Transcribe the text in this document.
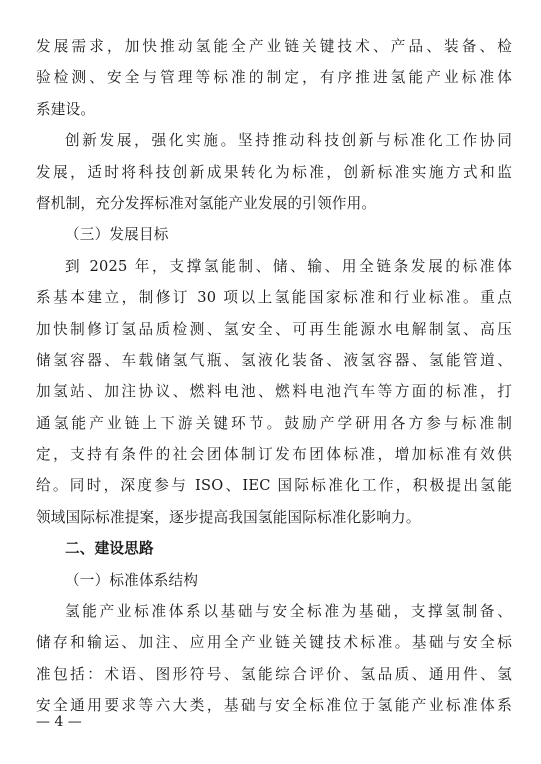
发展需求，加快推动氢能全产业链关键技术、产品、装备、检
验检测、安全与管理等标准的制定，有序推进氢能产业标准体
系建设。
创新发展，强化实施。坚持推动科技创新与标准化工作协同
发展，适时将科技创新成果转化为标准，创新标准实施方式和监
督机制，充分发挥标准对氢能产业发展的引领作用。
（三）发展目标
到 2025 年，支撑氢能制、储、输、用全链条发展的标准体
系基本建立，制修订 30 项以上氢能国家标准和行业标准。重点
加快制修订氢品质检测、氢安全、可再生能源水电解制氢、高压
储氢容器、车载储氢气瓶、氢液化装备、液氢容器、氢能管道、
加氢站、加注协议、燃料电池、燃料电池汽车等方面的标准，打
通氢能产业链上下游关键环节。鼓励产学研用各方参与标准制
定，支持有条件的社会团体制订发布团体标准，增加标准有效供
给。同时，深度参与 ISO、IEC 国际标准化工作，积极提出氢能
领域国际标准提案，逐步提高我国氢能国际标准化影响力。
二、建设思路
（一）标准体系结构
氢能产业标准体系以基础与安全标准为基础，支撑氢制备、
储存和输运、加注、应用全产业链关键技术标准。基础与安全标
准包括：术语、图形符号、氢能综合评价、氢品质、通用件、氢
安全通用要求等六大类，基础与安全标准位于氢能产业标准体系
— 4 —
